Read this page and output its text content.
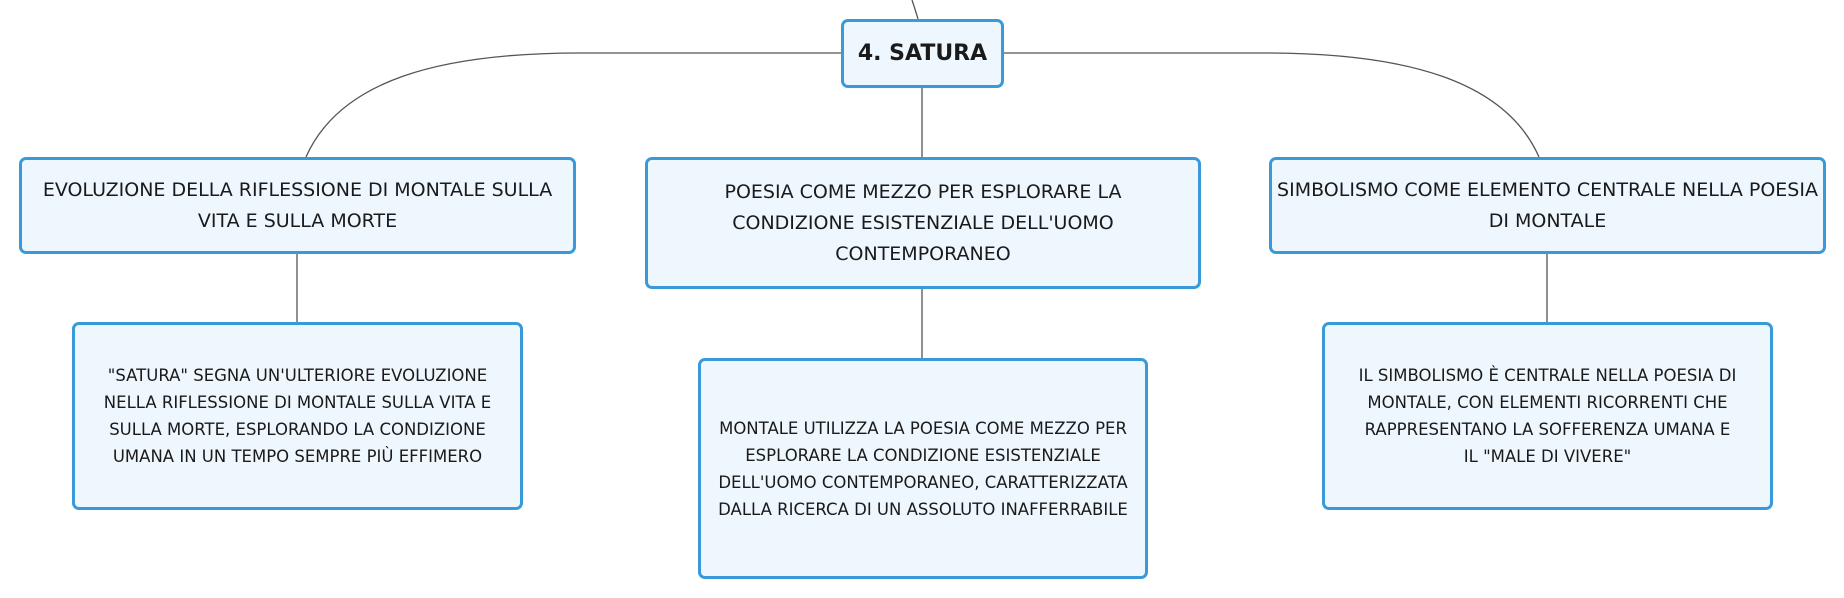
4. SATURA
EVOLUZIONE DELLA RIFLESSIONE DI MONTALE SULLA VITA E SULLA MORTE
POESIA COME MEZZO PER ESPLORARE LA CONDIZIONE ESISTENZIALE DELL'UOMO CONTEMPORANEO
SIMBOLISMO COME ELEMENTO CENTRALE NELLA POESIA DI MONTALE
"SATURA" SEGNA UN'ULTERIORE EVOLUZIONE NELLA RIFLESSIONE DI MONTALE SULLA VITA E SULLA MORTE, ESPLORANDO LA CONDIZIONE UMANA IN UN TEMPO SEMPRE PIÙ EFFIMERO
MONTALE UTILIZZA LA POESIA COME MEZZO PER ESPLORARE LA CONDIZIONE ESISTENZIALE DELL'UOMO CONTEMPORANEO, CARATTERIZZATA DALLA RICERCA DI UN ASSOLUTO INAFFERRABILE
IL SIMBOLISMO È CENTRALE NELLA POESIA DI MONTALE, CON ELEMENTI RICORRENTI CHE RAPPRESENTANO LA SOFFERENZA UMANA E IL "MALE DI VIVERE"
